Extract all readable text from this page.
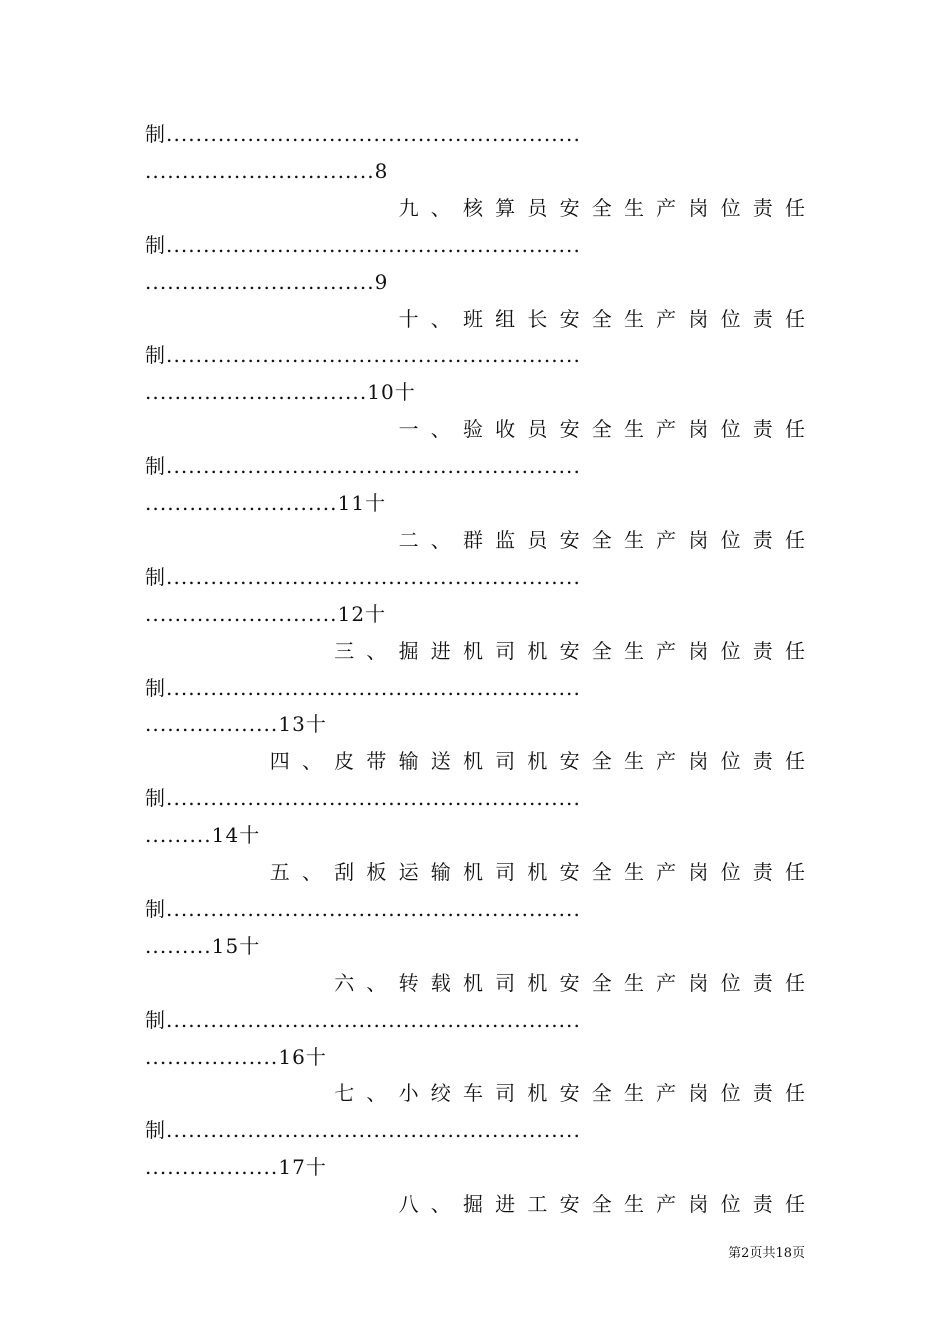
制........................................................
...............................8
九、核算员安全生产岗位责任
制........................................................
...............................9
十、班组长安全生产岗位责任
制........................................................
..............................10十
一、验收员安全生产岗位责任
制........................................................
..........................11十
二、群监员安全生产岗位责任
制........................................................
..........................12十
三、掘进机司机安全生产岗位责任
制........................................................
..................13十
四、皮带输送机司机安全生产岗位责任
制........................................................
.........14十
五、刮板运输机司机安全生产岗位责任
制........................................................
.........15十
六、转载机司机安全生产岗位责任
制........................................................
..................16十
七、小绞车司机安全生产岗位责任
制........................................................
..................17十
八、掘进工安全生产岗位责任
第2页共18页
